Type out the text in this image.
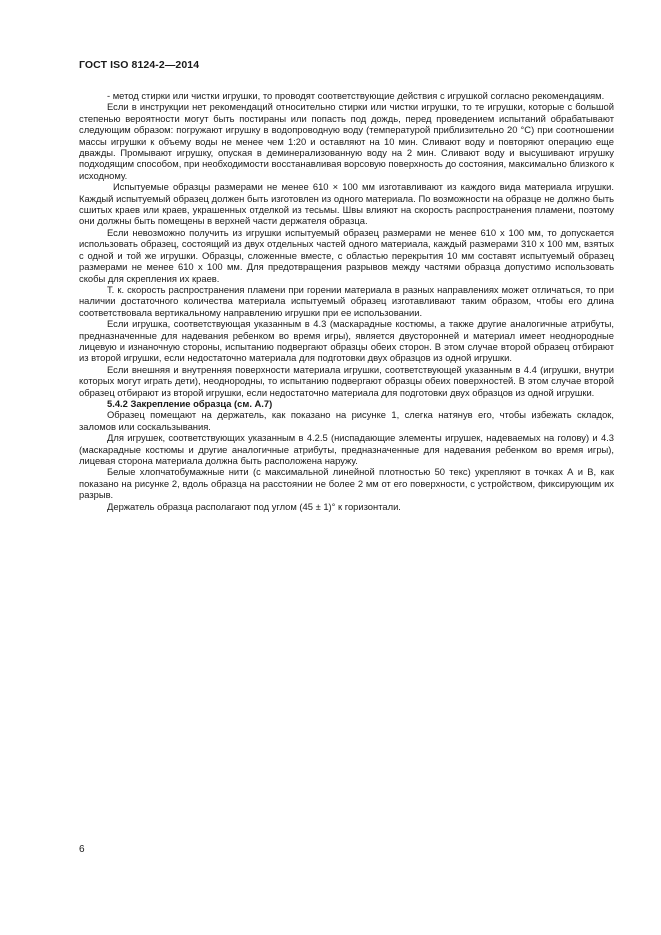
ГОСТ ISO 8124-2—2014

- метод стирки или чистки игрушки, то проводят соответствующие действия с игрушкой согласно рекомендациям.

Если в инструкции нет рекомендаций относительно стирки или чистки игрушки, то те игрушки, которые с большой степенью вероятности могут быть постираны или попасть под дождь, перед проведением испытаний обрабатывают следующим образом: погружают игрушку в водопроводную воду (температурой приблизительно 20 °С) при соотношении массы игрушки к объему воды не менее чем 1:20 и оставляют на 10 мин. Сливают воду и повторяют операцию еще дважды. Промывают игрушку, опуская в деминерализованную воду на 2 мин. Сливают воду и высушивают игрушку подходящим способом, при необходимости восстанавливая ворсовую поверхность до состояния, максимально близкого к исходному.

Испытуемые образцы размерами не менее 610 × 100 мм изготавливают из каждого вида материала игрушки. Каждый испытуемый образец должен быть изготовлен из одного материала. По возможности на образце не должно быть сшитых краев или краев, украшенных отделкой из тесьмы. Швы влияют на скорость распространения пламени, поэтому они должны быть помещены в верхней части держателя образца.

Если невозможно получить из игрушки испытуемый образец размерами не менее 610 х 100 мм, то допускается использовать образец, состоящий из двух отдельных частей одного материала, каждый размерами 310 х 100 мм, взятых с одной и той же игрушки. Образцы, сложенные вместе, с областью перекрытия 10 мм составят испытуемый образец размерами не менее 610 х 100 мм. Для предотвращения разрывов между частями образца допустимо использовать скобы для скрепления их краев.

Т. к. скорость распространения пламени при горении материала в разных направлениях может отличаться, то при наличии достаточного количества материала испытуемый образец изготавливают таким образом, чтобы его длина соответствовала вертикальному направлению игрушки при ее использовании.

Если игрушка, соответствующая указанным в 4.3 (маскарадные костюмы, а также другие аналогичные атрибуты, предназначенные для надевания ребенком во время игры), является двусторонней и материал имеет неоднородные лицевую и изнаночную стороны, испытанию подвергают образцы обеих сторон. В этом случае второй образец отбирают из второй игрушки, если недостаточно материала для подготовки двух образцов из одной игрушки.

Если внешняя и внутренняя поверхности материала игрушки, соответствующей указанным в 4.4 (игрушки, внутри которых могут играть дети), неоднородны, то испытанию подвергают образцы обеих поверхностей. В этом случае второй образец отбирают из второй игрушки, если недостаточно материала для подготовки двух образцов из одной игрушки.

5.4.2 Закрепление образца (см. А.7)

Образец помещают на держатель, как показано на рисунке 1, слегка натянув его, чтобы избежать складок, заломов или соскальзывания.

Для игрушек, соответствующих указанным в 4.2.5 (ниспадающие элементы игрушек, надеваемых на голову) и 4.3 (маскарадные костюмы и другие аналогичные атрибуты, предназначенные для надевания ребенком во время игры), лицевая сторона материала должна быть расположена наружу.

Белые хлопчатобумажные нити (с максимальной линейной плотностью 50 текс) укрепляют в точках А и В, как показано на рисунке 2, вдоль образца на расстоянии не более 2 мм от его поверхности, с устройством, фиксирующим их разрыв.

Держатель образца располагают под углом (45 ± 1)° к горизонтали.

6
